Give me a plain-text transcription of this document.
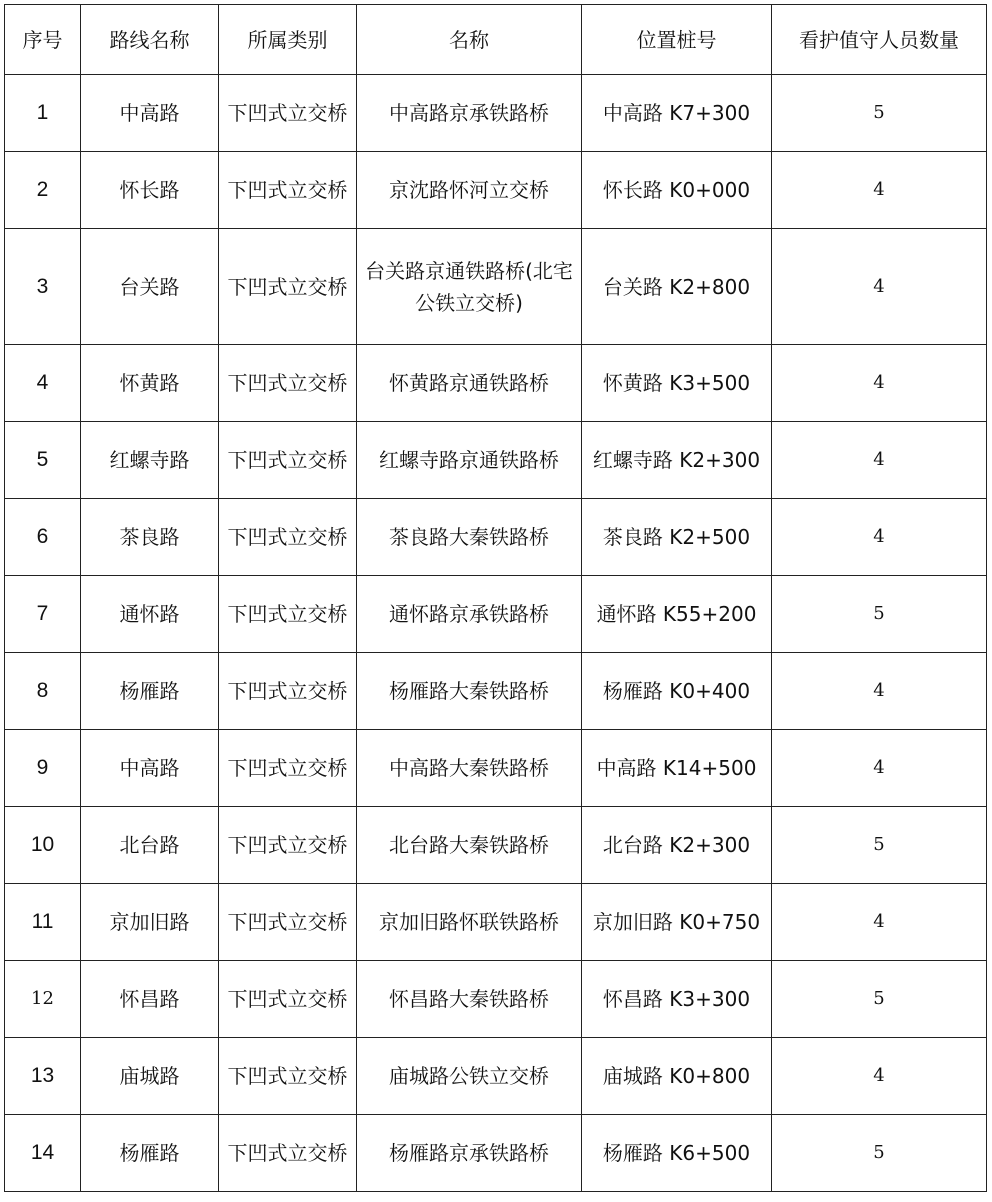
序号	路线名称	所属类别	名称	位置桩号	看护值守人员数量
1	中高路	下凹式立交桥	中高路京承铁路桥	中高路 K7+300	5
2	怀长路	下凹式立交桥	京沈路怀河立交桥	怀长路 K0+000	4
3	台关路	下凹式立交桥	台关路京通铁路桥(北宅公铁立交桥)	台关路 K2+800	4
4	怀黄路	下凹式立交桥	怀黄路京通铁路桥	怀黄路 K3+500	4
5	红螺寺路	下凹式立交桥	红螺寺路京通铁路桥	红螺寺路 K2+300	4
6	茶良路	下凹式立交桥	茶良路大秦铁路桥	茶良路 K2+500	4
7	通怀路	下凹式立交桥	通怀路京承铁路桥	通怀路 K55+200	5
8	杨雁路	下凹式立交桥	杨雁路大秦铁路桥	杨雁路 K0+400	4
9	中高路	下凹式立交桥	中高路大秦铁路桥	中高路 K14+500	4
10	北台路	下凹式立交桥	北台路大秦铁路桥	北台路 K2+300	5
11	京加旧路	下凹式立交桥	京加旧路怀联铁路桥	京加旧路 K0+750	4
12	怀昌路	下凹式立交桥	怀昌路大秦铁路桥	怀昌路 K3+300	5
13	庙城路	下凹式立交桥	庙城路公铁立交桥	庙城路 K0+800	4
14	杨雁路	下凹式立交桥	杨雁路京承铁路桥	杨雁路 K6+500	5
